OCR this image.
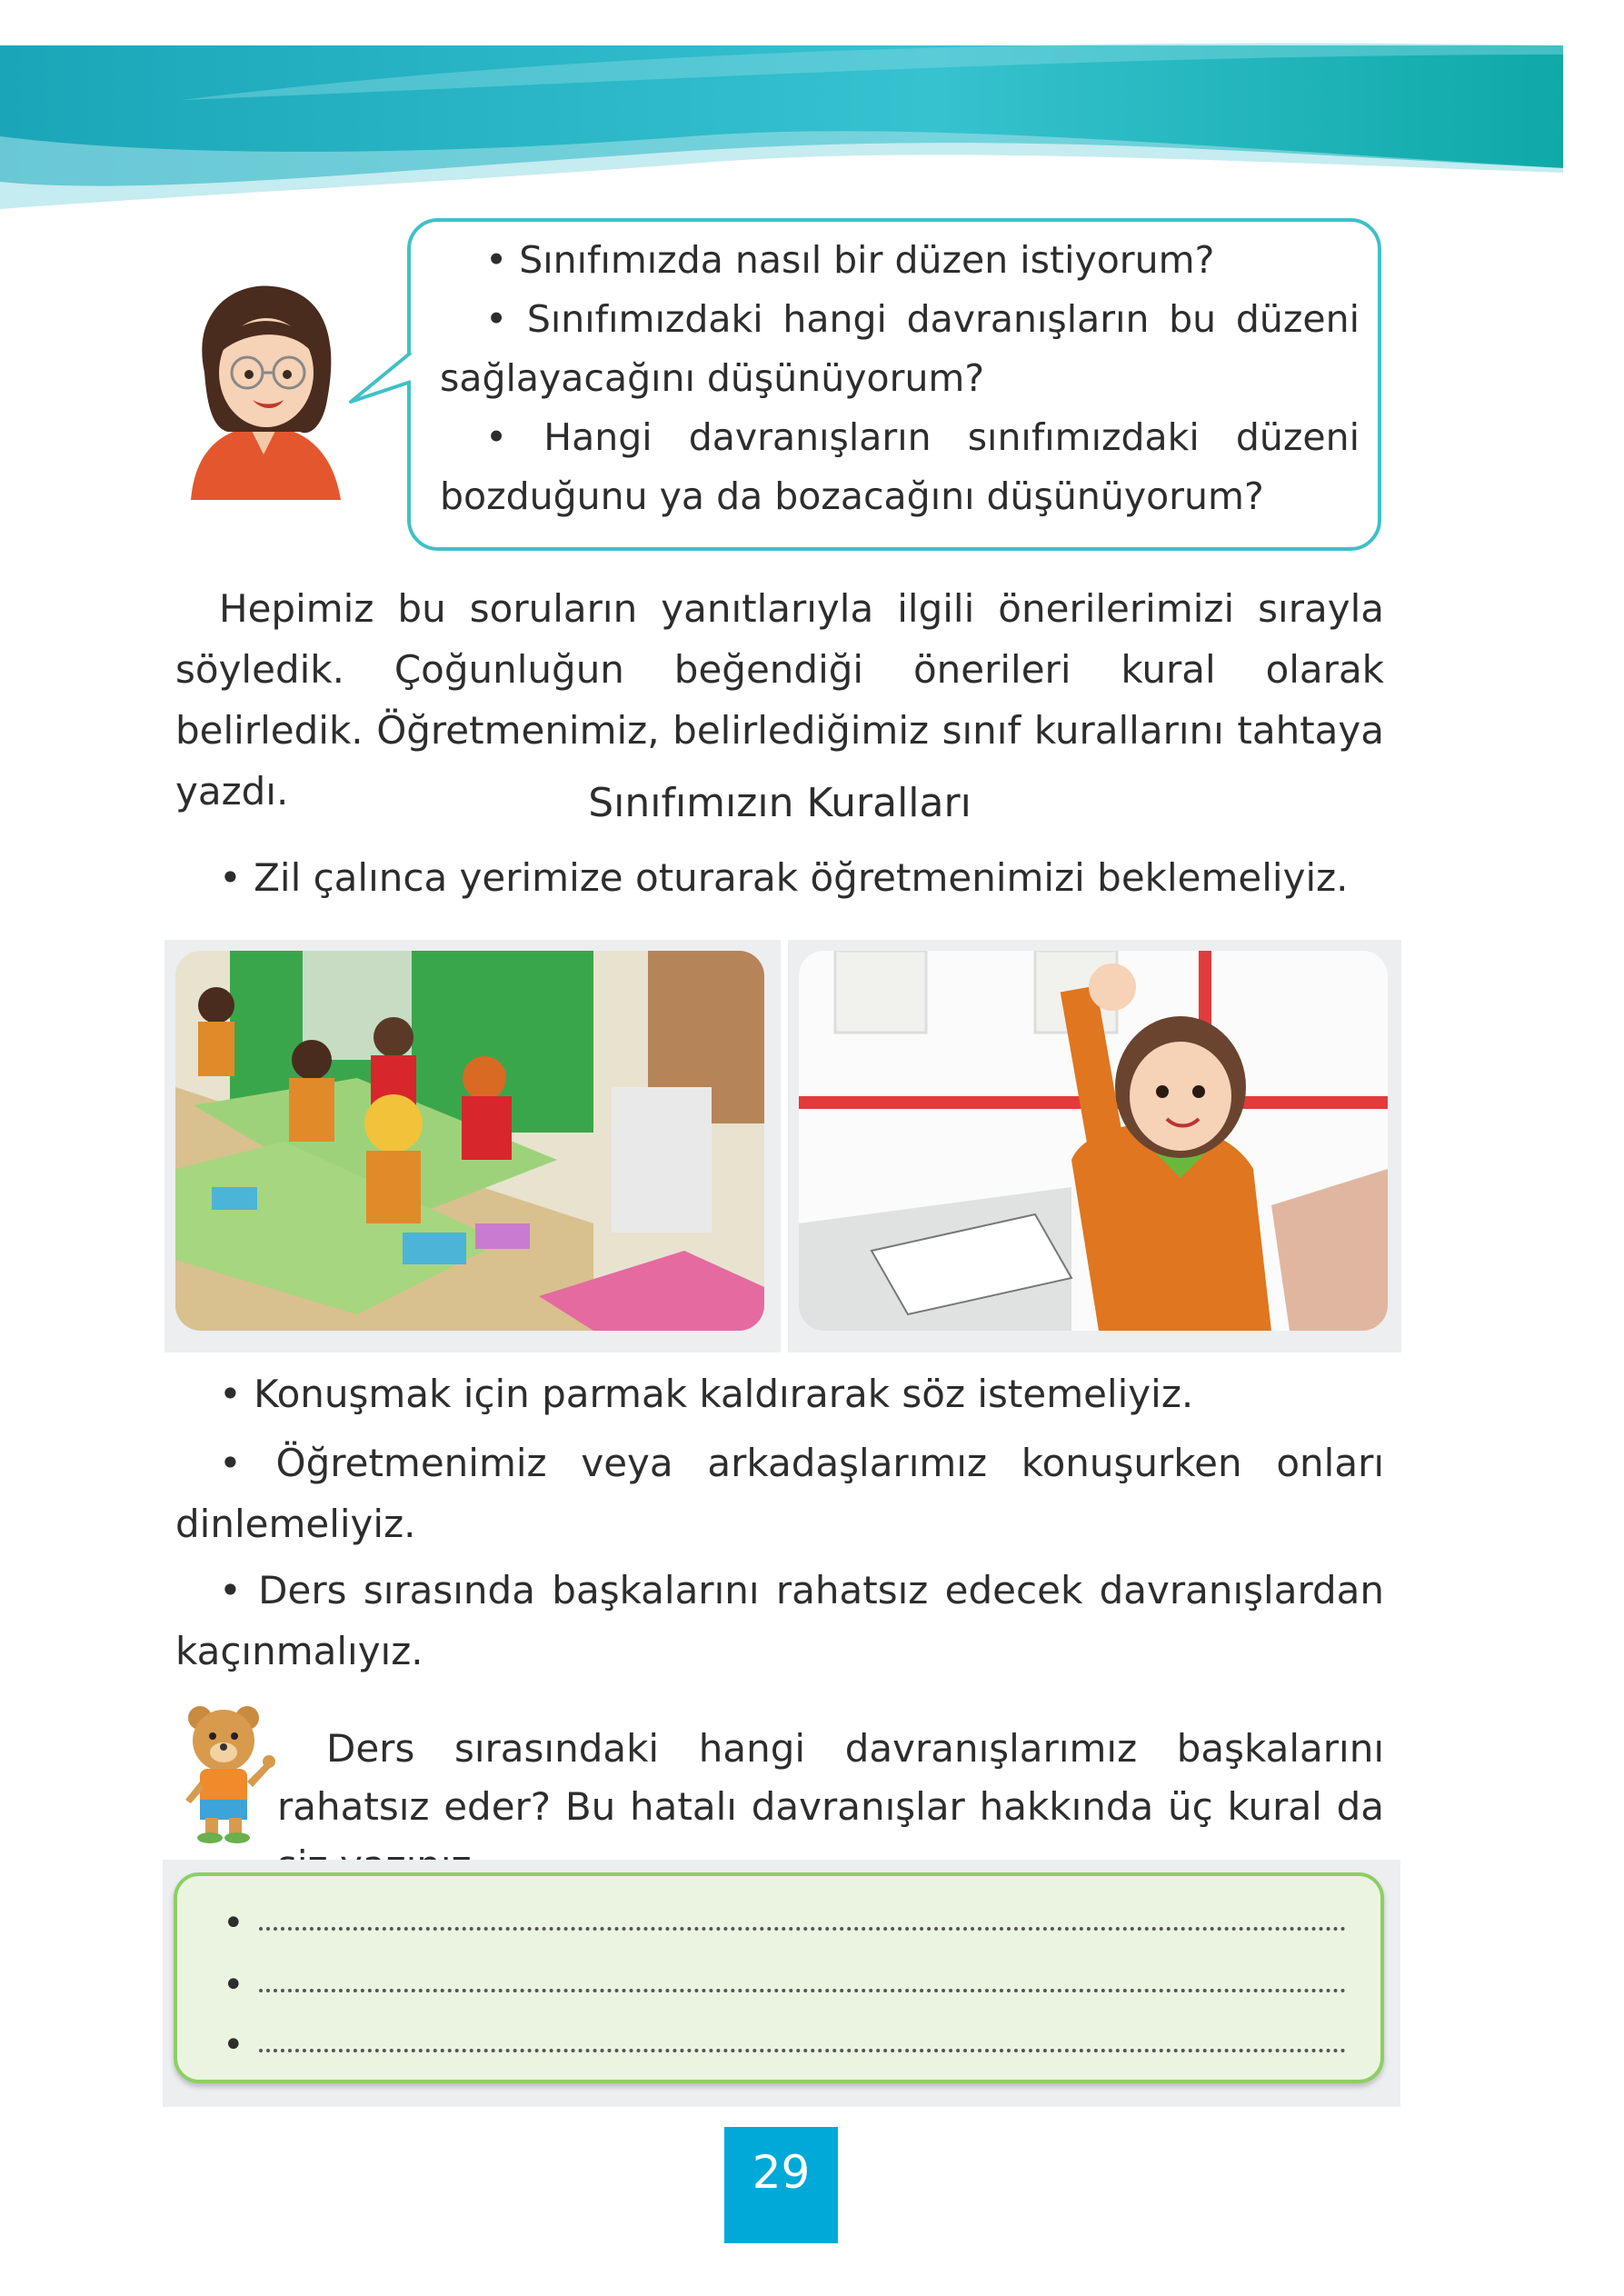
• Sınıfımızda nasıl bir düzen istiyorum?

• Sınıfımızdaki hangi davranışların bu düzeni sağlayacağını düşünüyorum?

• Hangi davranışların sınıfımızdaki düzeni bozduğunu ya da bozacağını düşünüyorum?

Hepimiz bu soruların yanıtlarıyla ilgili önerilerimizi sırayla söyledik. Çoğunluğun beğendiği önerileri kural olarak belirledik. Öğretmenimiz, belirlediğimiz sınıf kurallarını tahtaya yazdı.	Sınıfımızın Kuralları

• Zil çalınca yerimize oturarak öğretmenimizi beklemeliyiz.

• Konuşmak için parmak kaldırarak söz istemeliyiz.

• Öğretmenimiz veya arkadaşlarımız konuşurken onları dinlemeliyiz.

• Ders sırasında başkalarını rahatsız edecek davranışlardan kaçınmalıyız.

Ders sırasındaki hangi davranışlarımız başkalarını rahatsız eder? Bu hatalı davranışlar hakkında üç kural da

•
•
•
29
